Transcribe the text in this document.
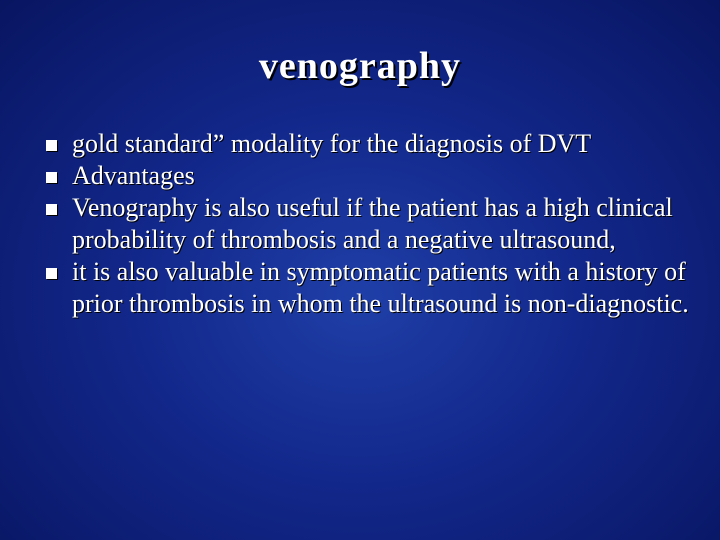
venography
gold standard” modality for the diagnosis of DVT
Advantages
Venography is also useful if the patient has a high clinical probability of thrombosis and a negative ultrasound,
it is also valuable in symptomatic patients with a history of prior thrombosis in whom the ultrasound is non-diagnostic.
